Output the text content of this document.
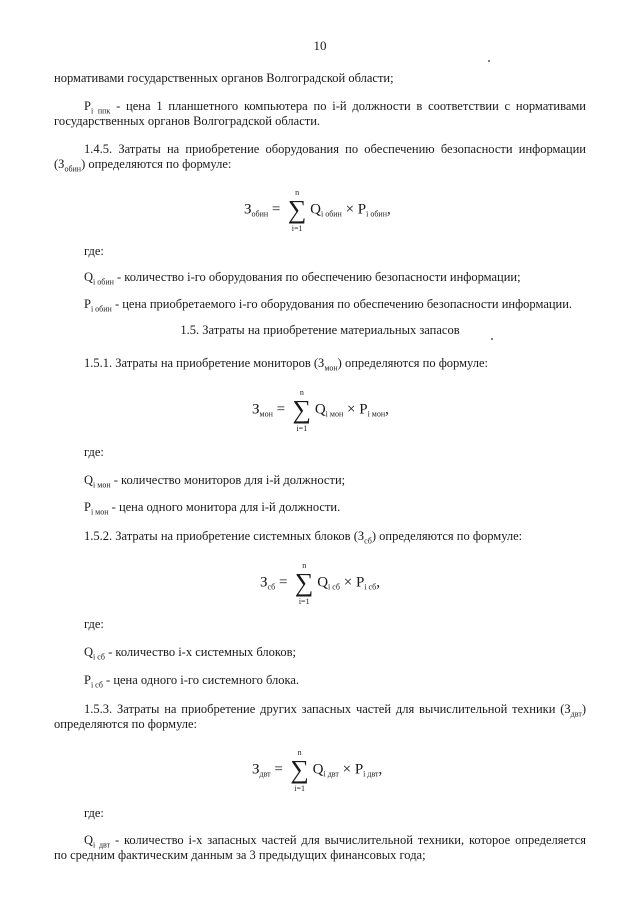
10
нормативами государственных органов Волгоградской области;
$P_{i ппк}$ - цена 1 планшетного компьютера по i-й должности в соответствии с нормативами
государственных органов Волгоградской области.
1.4.5. Затраты на приобретение оборудования по обеспечению безопасности информации
$(З_{обин})$ определяются по формуле:
$З_{обин}$ =
n
∑
i=1
$Q_{i обин} \times P_{i обин}$,
где:
$Q_{i обин}$ - количество i-го оборудования по обеспечению безопасности информации;
$P_{i обин}$ - цена приобретаемого i-го оборудования по обеспечению безопасности информации.
1.5. Затраты на приобретение материальных запасов
1.5.1. Затраты на приобретение мониторов $(З_{мон})$ определяются по формуле:
$З_{мон}$ =
n
∑
i=1
$Q_{i мон} \times P_{i мон}$,
где:
$Q_{i мон}$ - количество мониторов для i-й должности;
$P_{i мон}$ - цена одного монитора для i-й должности.
1.5.2. Затраты на приобретение системных блоков $(З_{сб})$ определяются по формуле:
$З_{сб}$ =
n
∑
i=1
$Q_{i сб} \times P_{i сб}$,
где:
$Q_{i сб}$ - количество i-х системных блоков;
$P_{i сб}$ - цена одного i-го системного блока.
1.5.3. Затраты на приобретение других запасных частей для вычислительной техники $(З_{двт})$
определяются по формуле:
$З_{двт}$ =
n
∑
i=1
$Q_{i двт} \times P_{i двт}$,
где:
$Q_{i двт}$ - количество i-х запасных частей для вычислительной техники, которое определяется
по средним фактическим данным за 3 предыдущих финансовых года;
